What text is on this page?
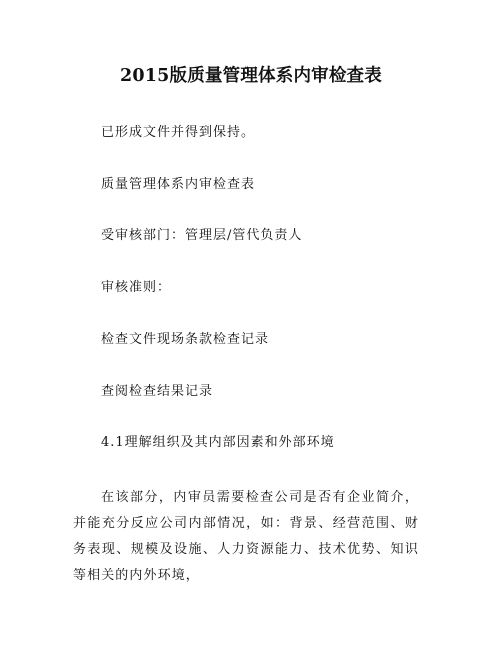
2015版质量管理体系内审检查表
已形成文件并得到保持。
质量管理体系内审检查表
受审核部门：管理层/管代负责人
审核准则：
检查文件现场条款检查记录
查阅检查结果记录
4.1理解组织及其内部因素和外部环境
在该部分，内审员需要检查公司是否有企业简介，并能充分反应公司内部情况，如：背景、经营范围、财务表现、规模及设施、人力资源能力、技术优势、知识等相关的内外环境，
